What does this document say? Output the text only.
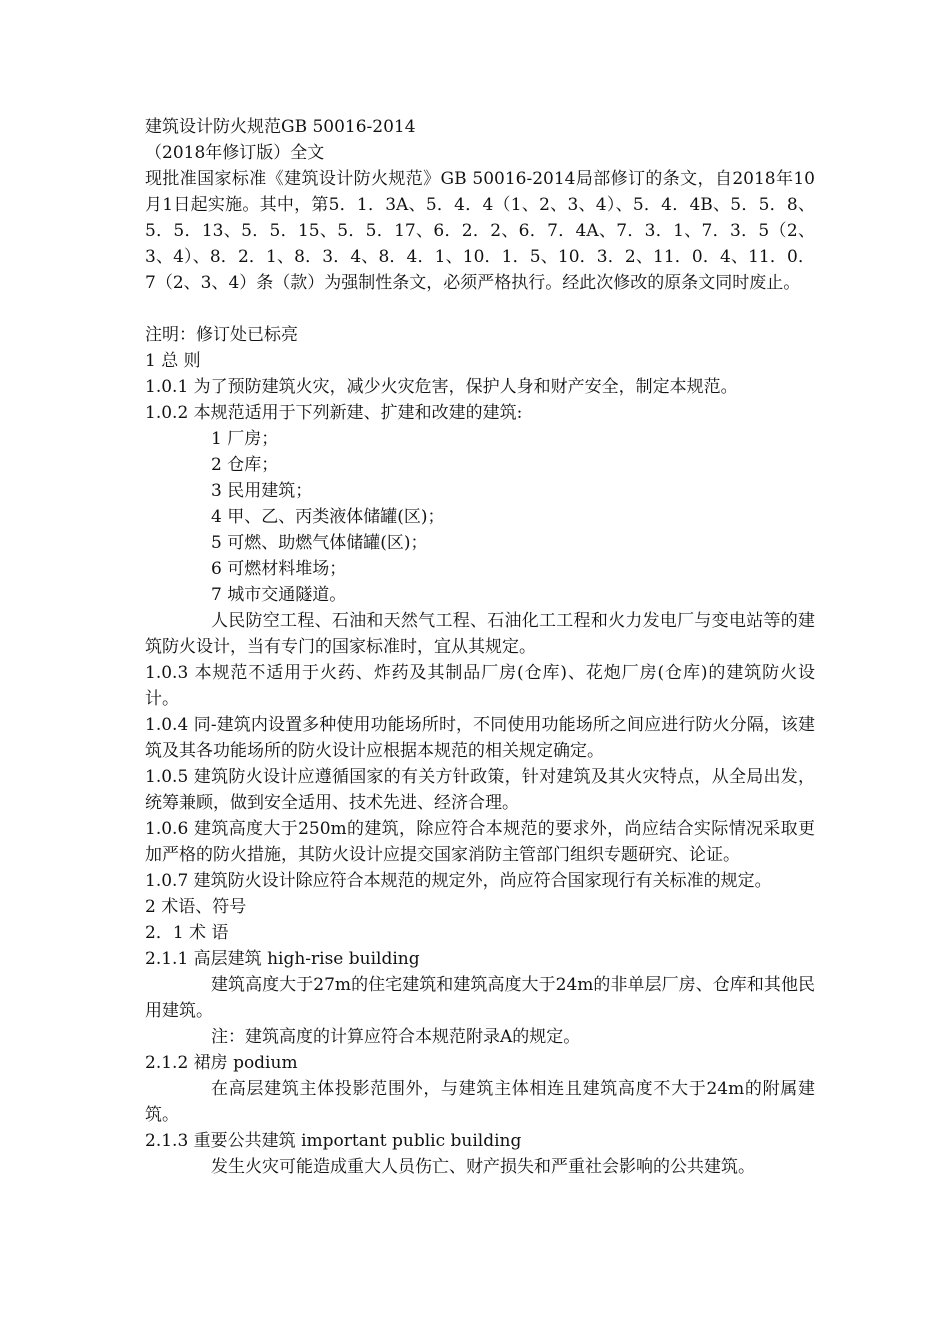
建筑设计防火规范GB 50016-2014

（2018年修订版）全文

现批准国家标准《建筑设计防火规范》GB 50016-2014局部修订的条文，自2018年10月1日起实施。其中，第5．1．3A、5．4．4（1、2、3、4）、5．4．4B、5．5．8、5．5．13、5．5．15、5．5．17、6．2．2、6．7．4A、7．3．1、7．3．5（2、3、4）、8．2．1、8．3．4、8．4．1、10．1．5、10．3．2、11．0．4、11．0．7（2、3、4）条（款）为强制性条文，必须严格执行。经此次修改的原条文同时废止。

注明：修订处已标亮

1 总 则

1.0.1 为了预防建筑火灾，减少火灾危害，保护人身和财产安全，制定本规范。

1.0.2 本规范适用于下列新建、扩建和改建的建筑:

1 厂房；

2 仓库；

3 民用建筑；

4 甲、乙、丙类液体储罐(区)；

5 可燃、助燃气体储罐(区)；

6 可燃材料堆场；

7 城市交通隧道。

人民防空工程、石油和天然气工程、石油化工工程和火力发电厂与变电站等的建筑防火设计，当有专门的国家标准时，宜从其规定。

1.0.3 本规范不适用于火药、炸药及其制品厂房(仓库)、花炮厂房(仓库)的建筑防火设计。

1.0.4 同-建筑内设置多种使用功能场所时，不同使用功能场所之间应进行防火分隔，该建筑及其各功能场所的防火设计应根据本规范的相关规定确定。

1.0.5 建筑防火设计应遵循国家的有关方针政策，针对建筑及其火灾特点，从全局出发，统筹兼顾，做到安全适用、技术先进、经济合理。

1.0.6 建筑高度大于250m的建筑，除应符合本规范的要求外，尚应结合实际情况采取更加严格的防火措施，其防火设计应提交国家消防主管部门组织专题研究、论证。

1.0.7 建筑防火设计除应符合本规范的规定外，尚应符合国家现行有关标准的规定。

2 术语、符号

2．1 术 语

2.1.1 高层建筑 high-rise building

建筑高度大于27m的住宅建筑和建筑高度大于24m的非单层厂房、仓库和其他民用建筑。

注：建筑高度的计算应符合本规范附录A的规定。

2.1.2 裙房 podium

在高层建筑主体投影范围外，与建筑主体相连且建筑高度不大于24m的附属建筑。

2.1.3 重要公共建筑 important public building

发生火灾可能造成重大人员伤亡、财产损失和严重社会影响的公共建筑。
